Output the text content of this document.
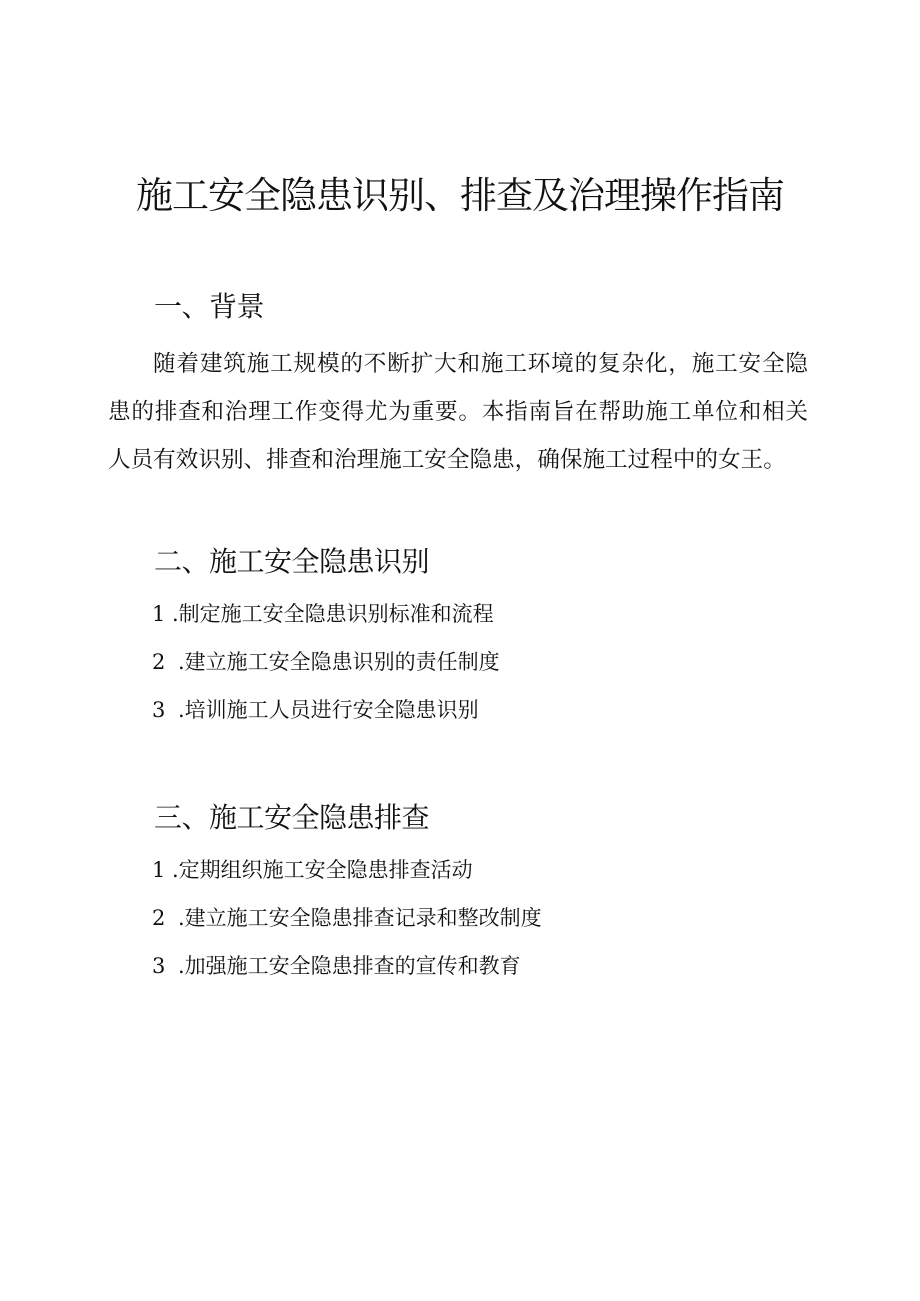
施工安全隐患识别、排查及治理操作指南
一、背景

随着建筑施工规模的不断扩大和施工环境的复杂化，施工安全隐患的排查和治理工作变得尤为重要。本指南旨在帮助施工单位和相关人员有效识别、排查和治理施工安全隐患，确保施工过程中的女王。

二、施工安全隐患识别
1 .制定施工安全隐患识别标准和流程
2 .建立施工安全隐患识别的责任制度
3 .培训施工人员进行安全隐患识别
三、施工安全隐患排查
1 .定期组织施工安全隐患排查活动
2 .建立施工安全隐患排查记录和整改制度
3 .加强施工安全隐患排查的宣传和教育
